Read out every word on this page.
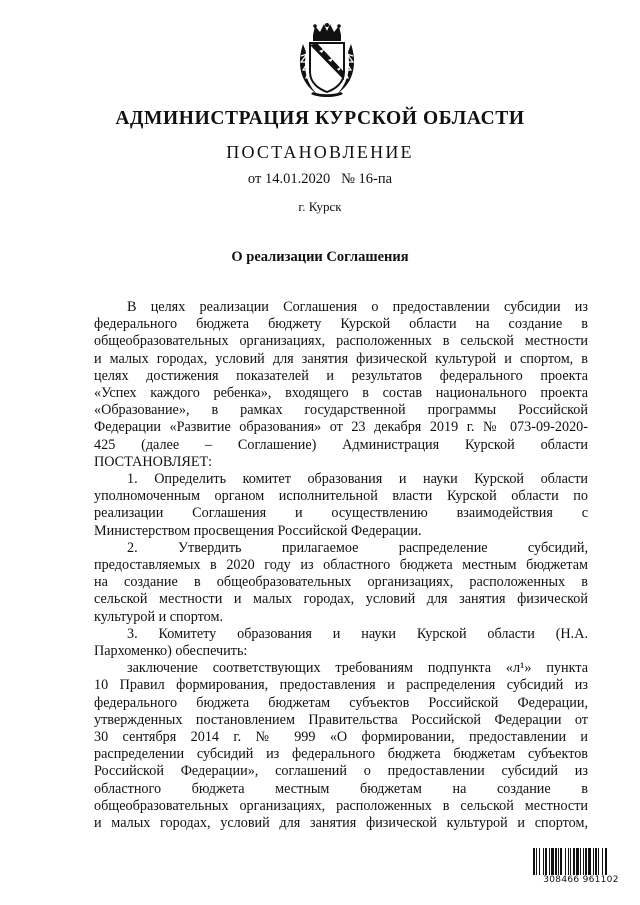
АДМИНИСТРАЦИЯ КУРСКОЙ ОБЛАСТИ
ПОСТАНОВЛЕНИЕ
от 14.01.2020   № 16-па
г. Курск
О реализации Соглашения
В целях реализации Соглашения о предоставлении субсидии из
федерального бюджета бюджету Курской области на создание в
общеобразовательных организациях, расположенных в сельской местности
и малых городах, условий для занятия физической культурой и спортом, в
целях достижения показателей и результатов федерального проекта
«Успех каждого ребенка», входящего в состав национального проекта
«Образование», в рамках государственной программы Российской
Федерации «Развитие образования» от 23 декабря 2019 г. № 073-09-2020-
425 (далее – Соглашение) Администрация Курской области
ПОСТАНОВЛЯЕТ:
1. Определить комитет образования и науки Курской области
уполномоченным органом исполнительной власти Курской области по
реализации Соглашения и осуществлению взаимодействия с
Министерством просвещения Российской Федерации.
2. Утвердить прилагаемое распределение субсидий,
предоставляемых в 2020 году из областного бюджета местным бюджетам
на создание в общеобразовательных организациях, расположенных в
сельской местности и малых городах, условий для занятия физической
культурой и спортом.
3. Комитету образования и науки Курской области (Н.А.
Пархоменко) обеспечить:
заключение соответствующих требованиям подпункта «л¹» пункта
10 Правил формирования, предоставления и распределения субсидий из
федерального бюджета бюджетам субъектов Российской Федерации,
утвержденных постановлением Правительства Российской Федерации от
30 сентября 2014 г. № 999 «О формировании, предоставлении и
распределении субсидий из федерального бюджета бюджетам субъектов
Российской Федерации», соглашений о предоставлении субсидий из
областного бюджета местным бюджетам на создание в
общеобразовательных организациях, расположенных в сельской местности
и малых городах, условий для занятия физической культурой и спортом,
308466 961102
